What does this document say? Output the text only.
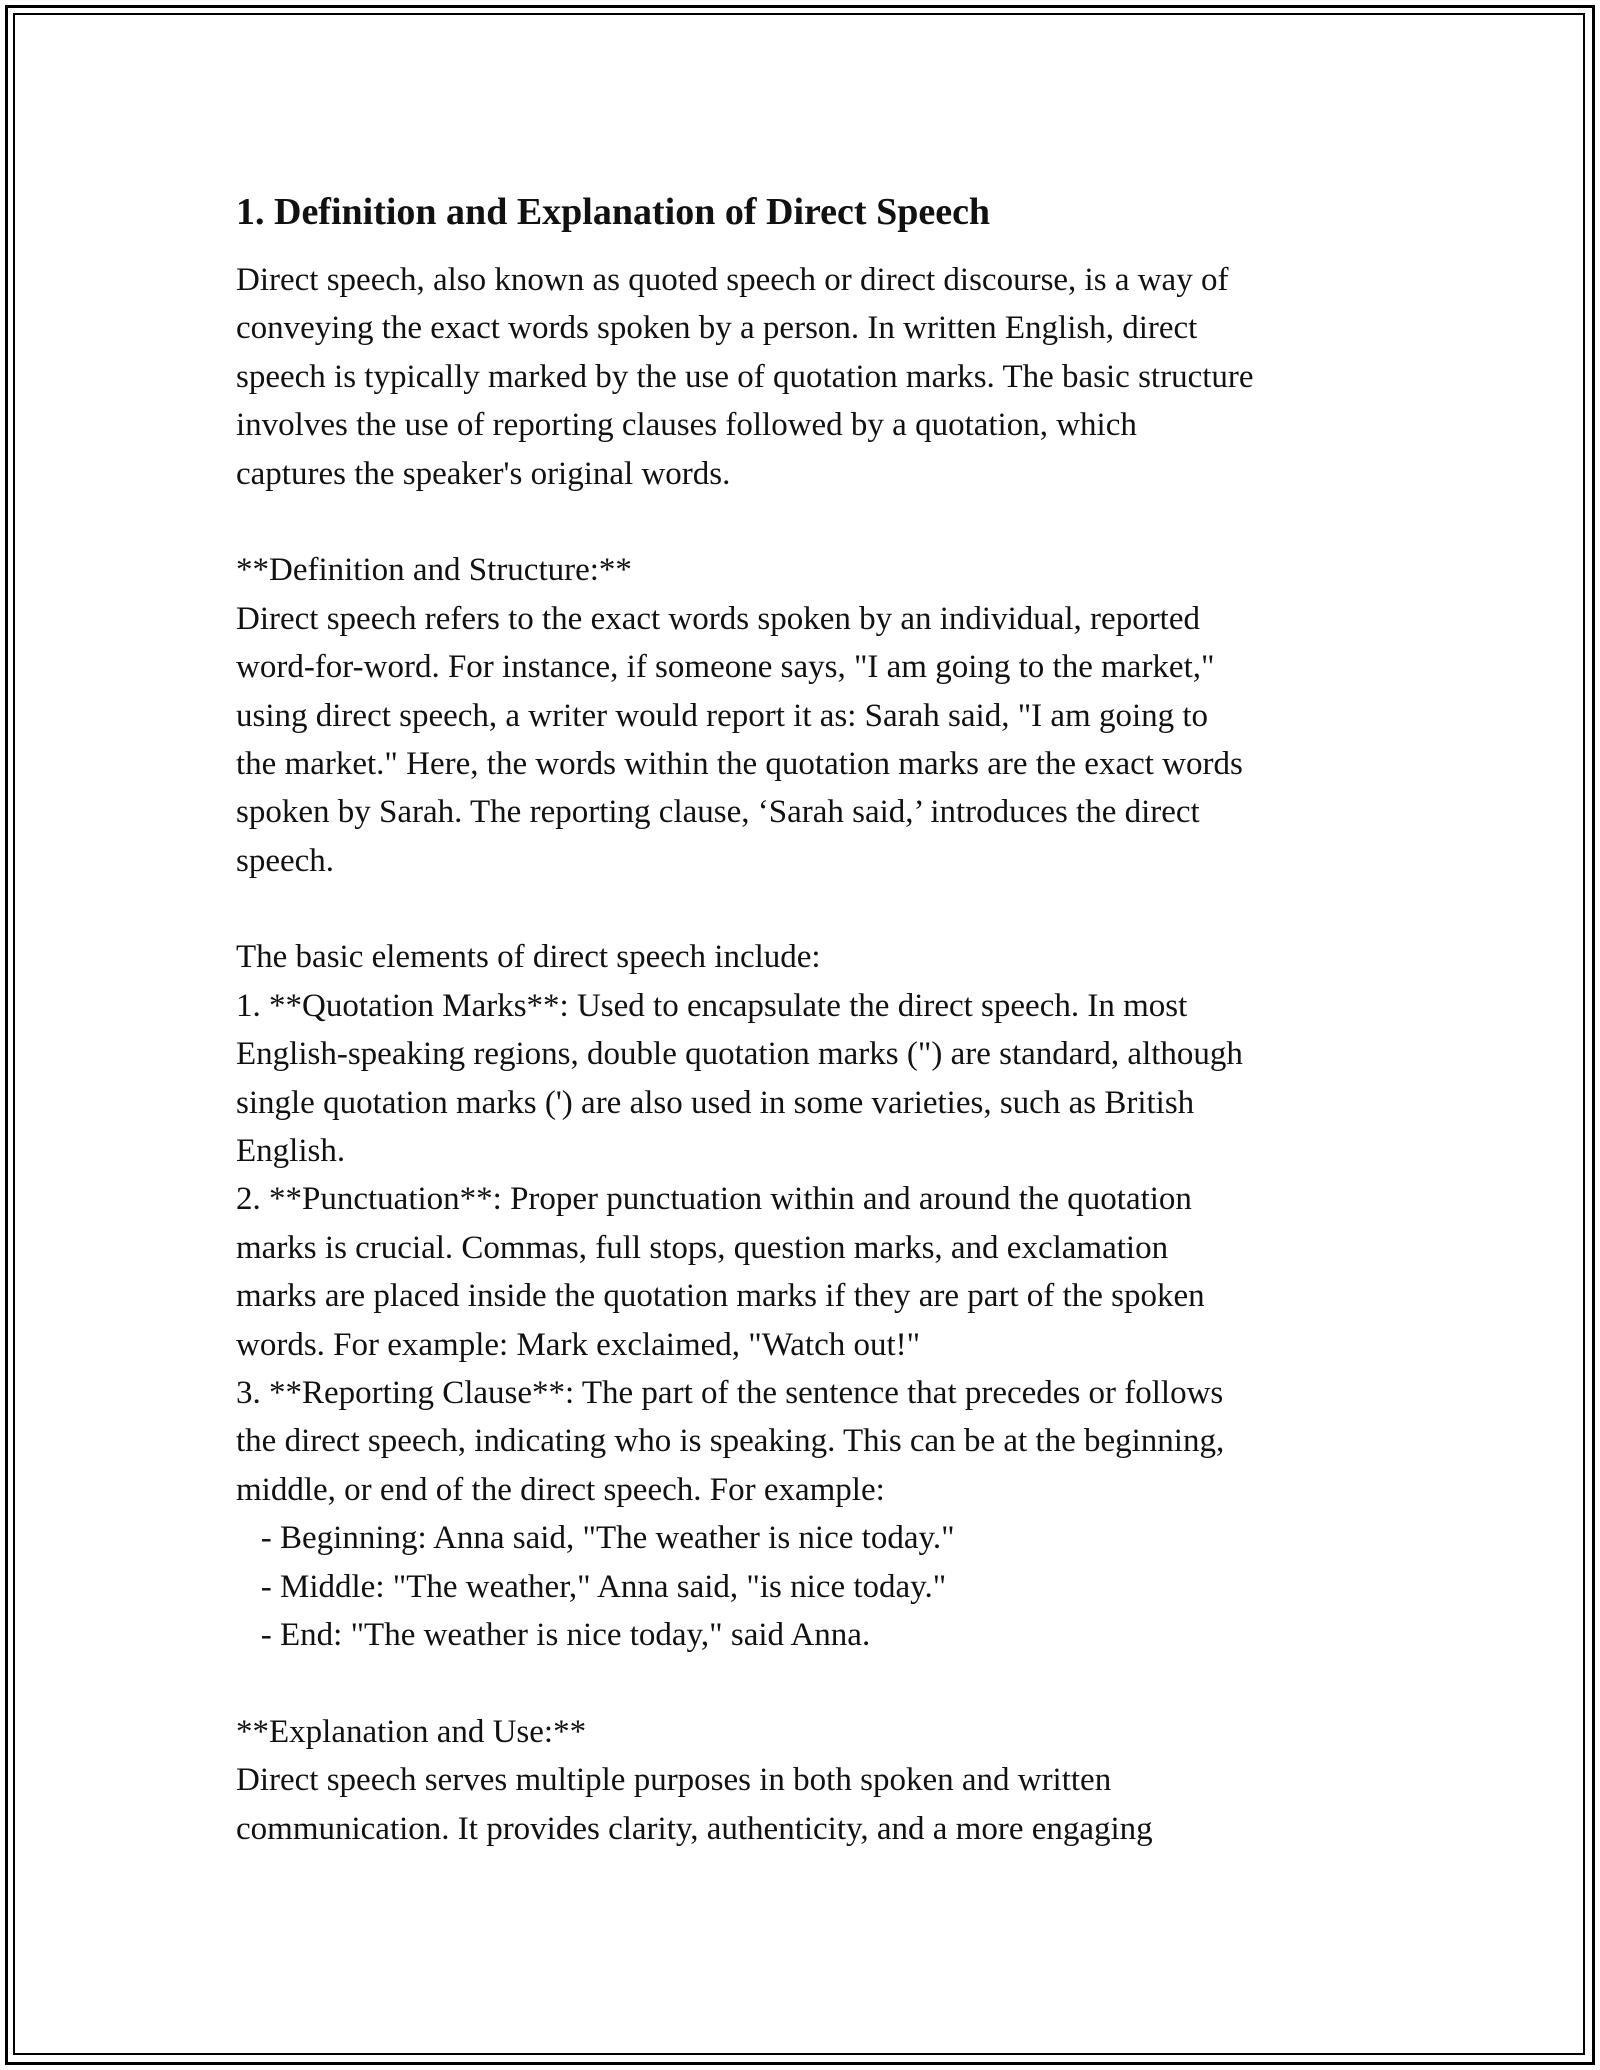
1. Definition and Explanation of Direct Speech
Direct speech, also known as quoted speech or direct discourse, is a way of
conveying the exact words spoken by a person. In written English, direct
speech is typically marked by the use of quotation marks. The basic structure
involves the use of reporting clauses followed by a quotation, which
captures the speaker's original words.
**Definition and Structure:**
Direct speech refers to the exact words spoken by an individual, reported
word-for-word. For instance, if someone says, "I am going to the market,"
using direct speech, a writer would report it as: Sarah said, "I am going to
the market." Here, the words within the quotation marks are the exact words
spoken by Sarah. The reporting clause, ‘Sarah said,’ introduces the direct
speech.
The basic elements of direct speech include:
1. **Quotation Marks**: Used to encapsulate the direct speech. In most
English-speaking regions, double quotation marks (") are standard, although
single quotation marks (') are also used in some varieties, such as British
English.
2. **Punctuation**: Proper punctuation within and around the quotation
marks is crucial. Commas, full stops, question marks, and exclamation
marks are placed inside the quotation marks if they are part of the spoken
words. For example: Mark exclaimed, "Watch out!"
3. **Reporting Clause**: The part of the sentence that precedes or follows
the direct speech, indicating who is speaking. This can be at the beginning,
middle, or end of the direct speech. For example:
- Beginning: Anna said, "The weather is nice today."
- Middle: "The weather," Anna said, "is nice today."
- End: "The weather is nice today," said Anna.
**Explanation and Use:**
Direct speech serves multiple purposes in both spoken and written
communication. It provides clarity, authenticity, and a more engaging
